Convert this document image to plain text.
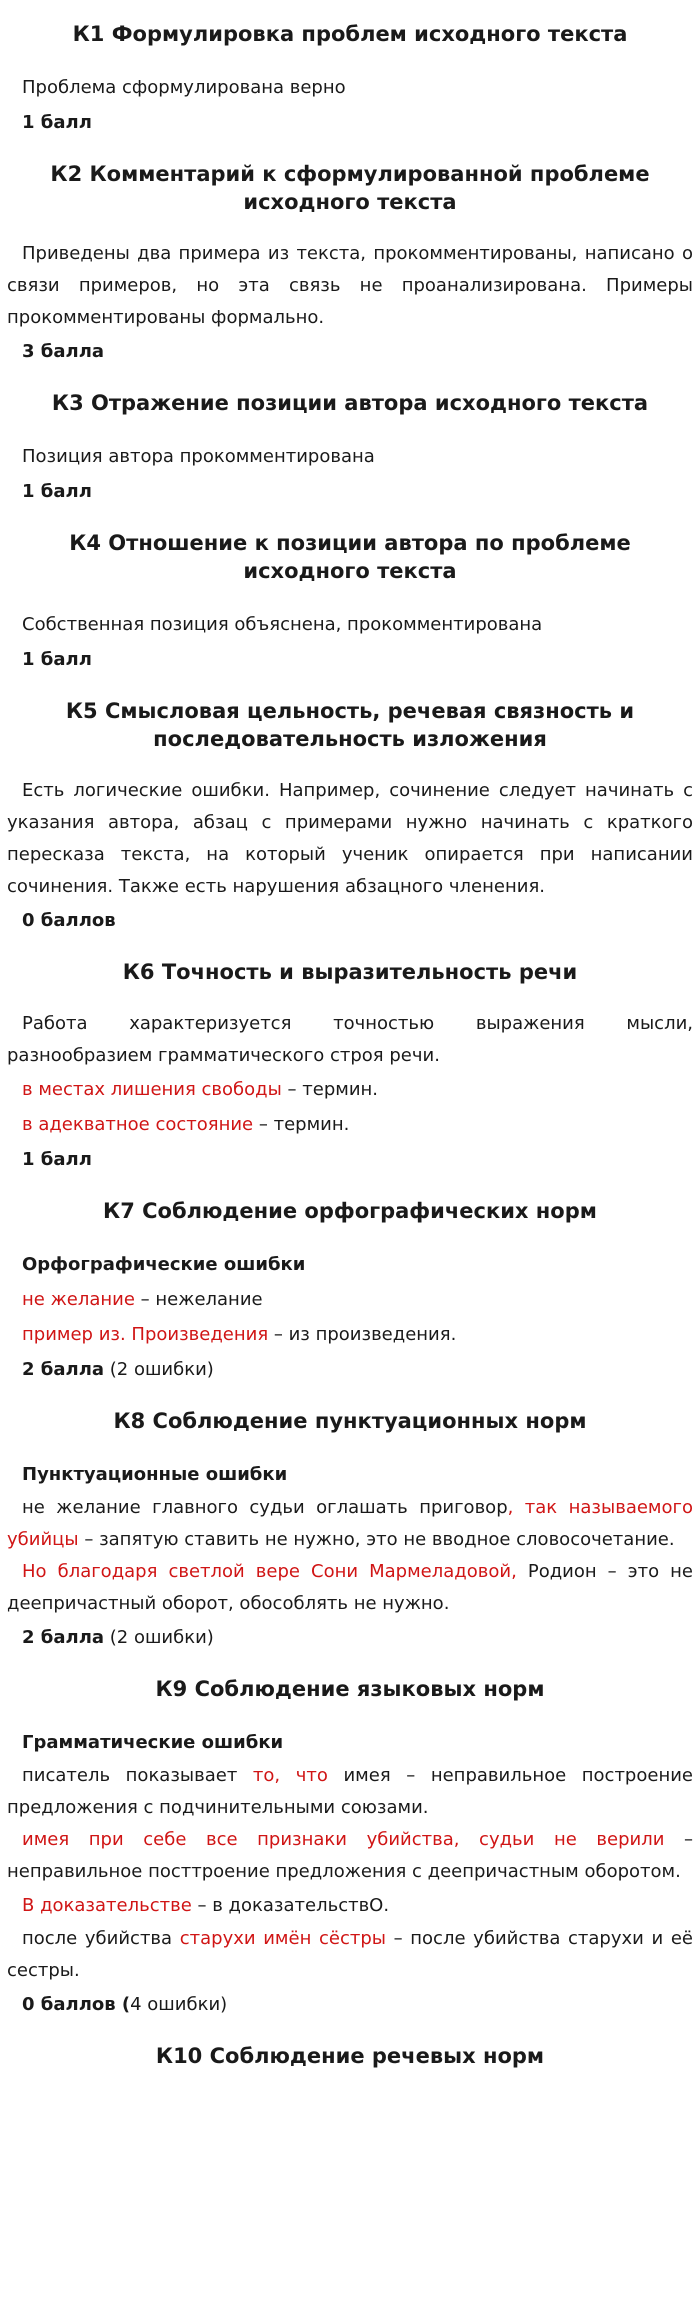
К1 Формулировка проблем исходного текста

Проблема сформулирована верно

1 балл

К2 Комментарий к сформулированной проблеме исходного текста

Приведены два примера из текста, прокомментированы, написано о связи примеров, но эта связь не проанализирована. Примеры прокомментированы формально.

3 балла

К3 Отражение позиции автора исходного текста

Позиция автора прокомментирована

1 балл

К4 Отношение к позиции автора по проблеме исходного текста

Собственная позиция объяснена, прокомментирована

1 балл

К5 Смысловая цельность, речевая связность и последовательность изложения

Есть логические ошибки. Например, сочинение следует начинать с указания автора, абзац с примерами нужно начинать с краткого пересказа текста, на который ученик опирается при написании сочинения. Также есть нарушения абзацного членения.

0 баллов

К6 Точность и выразительность речи

Работа характеризуется точностью выражения мысли, разнообразием грамматического строя речи.

в местах лишения свободы – термин.

в адекватное состояние – термин.

1 балл

К7 Соблюдение орфографических норм

Орфографические ошибки

не желание – нежелание

пример из. Произведения – из произведения.

2 балла (2 ошибки)

К8 Соблюдение пунктуационных норм

Пунктуационные ошибки

не желание главного судьи оглашать приговор, так называемого убийцы – запятую ставить не нужно, это не вводное словосочетание.

Но благодаря светлой вере Сони Мармеладовой, Родион – это не деепричастный оборот, обособлять не нужно.

2 балла (2 ошибки)

К9 Соблюдение языковых норм

Грамматические ошибки

писатель показывает то, что имея – неправильное построение предложения с подчинительными союзами.

имея при себе все признаки убийства, судьи не верили – неправильное посттроение предложения с деепричастным оборотом.

В доказательстве – в доказательствО.

после убийства старухи имён сёстры – после убийства старухи и её сестры.

0 баллов (4 ошибки)

К10 Соблюдение речевых норм
